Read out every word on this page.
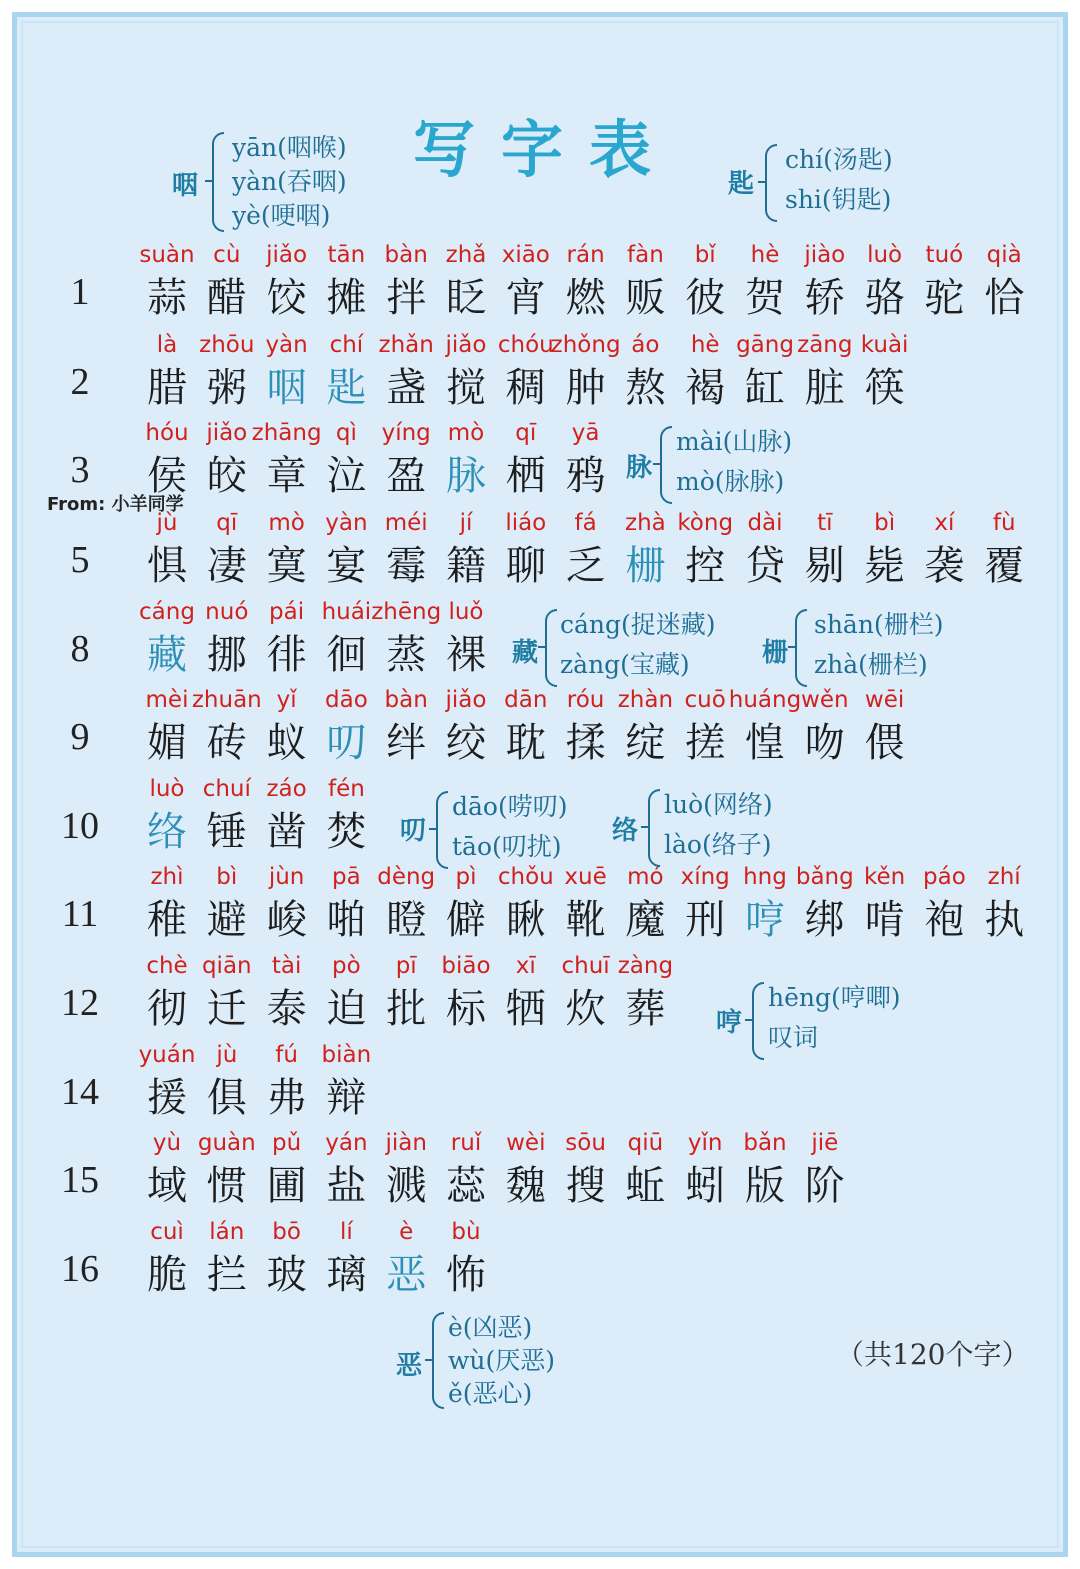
写字表
1
suàn
蒜
cù
醋
jiǎo
饺
tān
摊
bàn
拌
zhǎ
眨
xiāo
宵
rán
燃
fàn
贩
bǐ
彼
hè
贺
jiào
轿
luò
骆
tuó
驼
qià
恰
2
là
腊
zhōu
粥
yàn
咽
chí
匙
zhǎn
盏
jiǎo
搅
chóu
稠
zhǒng
肿
áo
熬
hè
褐
gāng
缸
zāng
脏
kuài
筷
3
hóu
侯
jiǎo
皎
zhāng
章
qì
泣
yíng
盈
mò
脉
qī
栖
yā
鸦
5
jù
惧
qī
凄
mò
寞
yàn
宴
méi
霉
jí
籍
liáo
聊
fá
乏
zhà
栅
kòng
控
dài
贷
tī
剔
bì
毙
xí
袭
fù
覆
8
cáng
藏
nuó
挪
pái
徘
huái
徊
zhēng
蒸
luǒ
裸
9
mèi
媚
zhuān
砖
yǐ
蚁
dāo
叨
bàn
绊
jiǎo
绞
dān
耽
róu
揉
zhàn
绽
cuō
搓
huáng
惶
wěn
吻
wēi
偎
10
luò
络
chuí
锤
záo
凿
fén
焚
11
zhì
稚
bì
避
jùn
峻
pā
啪
dèng
瞪
pì
僻
chǒu
瞅
xuē
靴
mó
魔
xíng
刑
hng
哼
bǎng
绑
kěn
啃
páo
袍
zhí
执
12
chè
彻
qiān
迁
tài
泰
pò
迫
pī
批
biāo
标
xī
牺
chuī
炊
zàng
葬
14
yuán
援
jù
俱
fú
弗
biàn
辩
15
yù
域
guàn
惯
pǔ
圃
yán
盐
jiàn
溅
ruǐ
蕊
wèi
魏
sōu
搜
qiū
蚯
yǐn
蚓
bǎn
版
jiē
阶
16
cuì
脆
lán
拦
bō
玻
lí
璃
è
恶
bù
怖
咽
yān(咽喉)
yàn(吞咽)
yè(哽咽)
匙
chí(汤匙)
shi(钥匙)
脉
mài(山脉)
mò(脉脉)
藏
cáng(捉迷藏)
zàng(宝藏)	栅
shān(栅栏)
zhà(栅栏)
叨
dāo(唠叨)
tāo(叨扰)
络
luò(网络)
lào(络子)
哼
hēng(哼唧)
叹词
恶
è(凶恶)
wù(厌恶)
ě(恶心)
From: 小羊同学
（共120个字）
